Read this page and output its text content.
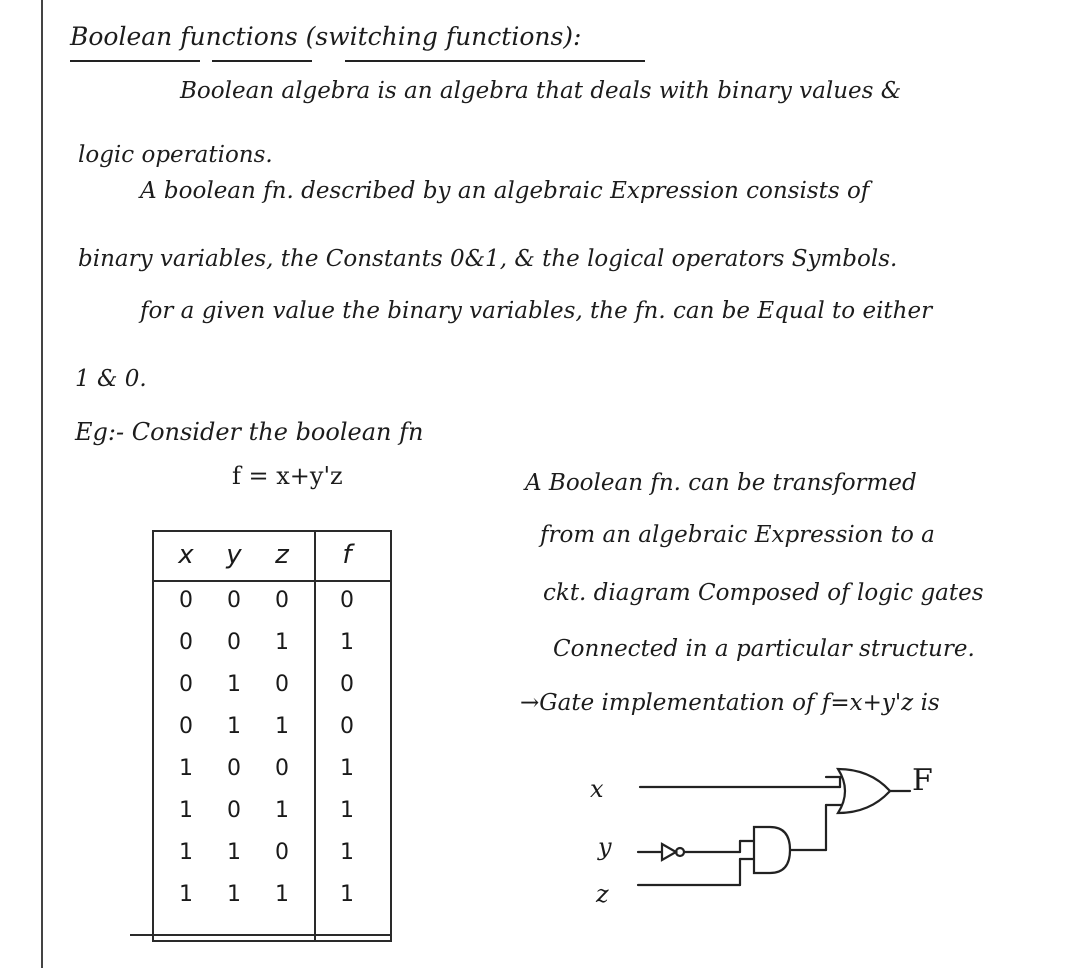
Boolean functions (switching functions):
Boolean algebra is an algebra that deals with binary values &
logic operations.
A boolean fn. described by an algebraic Expression consists of
binary variables, the Constants 0&1, & the logical operators Symbols.
for a given value the binary variables, the fn. can be Equal to either
1 & 0.
Eg:- Consider the boolean fn
f = x+y'z
x	y	z	f
0	0	0	0
0	0	1	1
0	1	0	0
0	1	1	0
1	0	0	1
1	0	1	1
1	1	0	1
1	1	1	1
A Boolean fn. can be transformed
from an algebraic Expression to a
ckt. diagram Composed of logic gates
Connected in a particular structure.
→Gate implementation of f=x+y'z is
x
y
z
F
